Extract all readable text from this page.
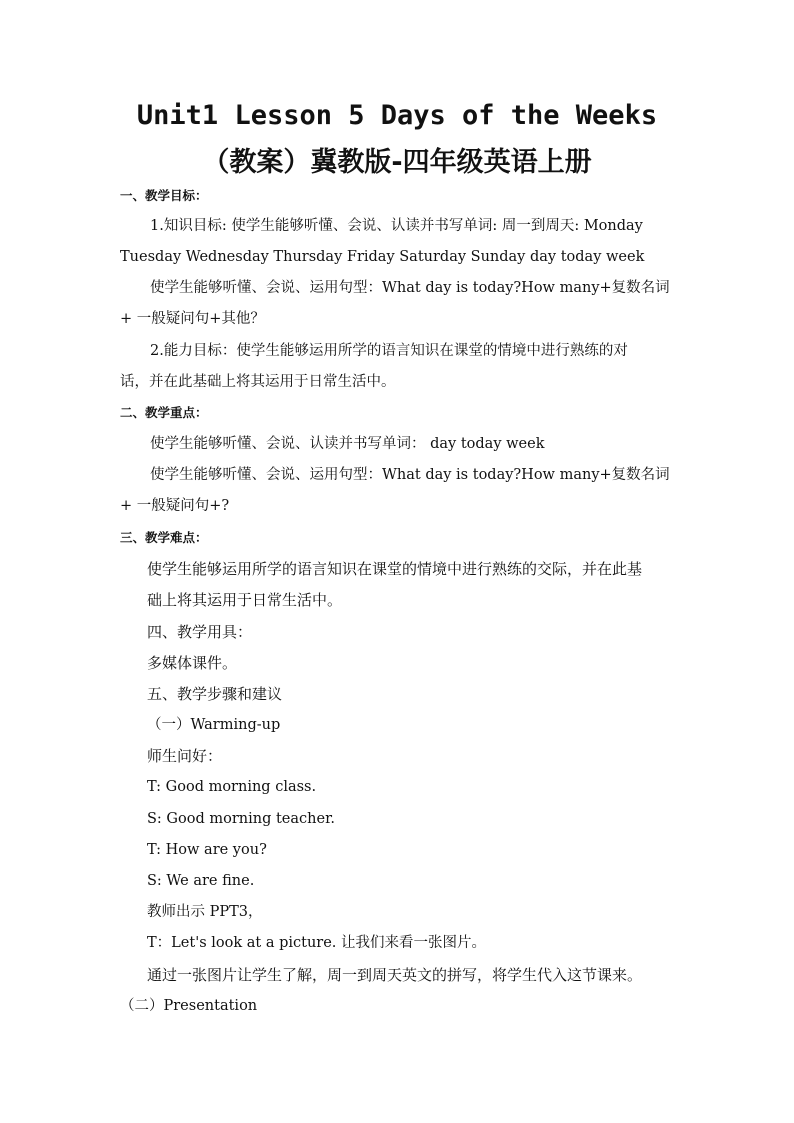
Unit1 Lesson 5 Days of the Weeks
（教案）冀教版-四年级英语上册
一、教学目标：
1.知识目标: 使学生能够听懂、会说、认读并书写单词: 周一到周天: Monday
Tuesday Wednesday Thursday Friday Saturday Sunday day today week
使学生能够听懂、会说、运用句型：What day is today?How many+复数名词
+ 一般疑问句+其他？
2.能力目标：使学生能够运用所学的语言知识在课堂的情境中进行熟练的对
话，并在此基础上将其运用于日常生活中。
二、教学重点：
使学生能够听懂、会说、认读并书写单词： day today week
使学生能够听懂、会说、运用句型：What day is today?How many+复数名词
+ 一般疑问句+?
三、教学难点：
使学生能够运用所学的语言知识在课堂的情境中进行熟练的交际，并在此基
础上将其运用于日常生活中。
四、教学用具：
多媒体课件。
五、教学步骤和建议
（一）Warming-up
师生问好：
T: Good morning class.
S: Good morning teacher.
T: How are you?
S: We are fine.
教师出示 PPT3，
T：Let's look at a picture. 让我们来看一张图片。
通过一张图片让学生了解，周一到周天英文的拼写，将学生代入这节课来。
（二）Presentation
